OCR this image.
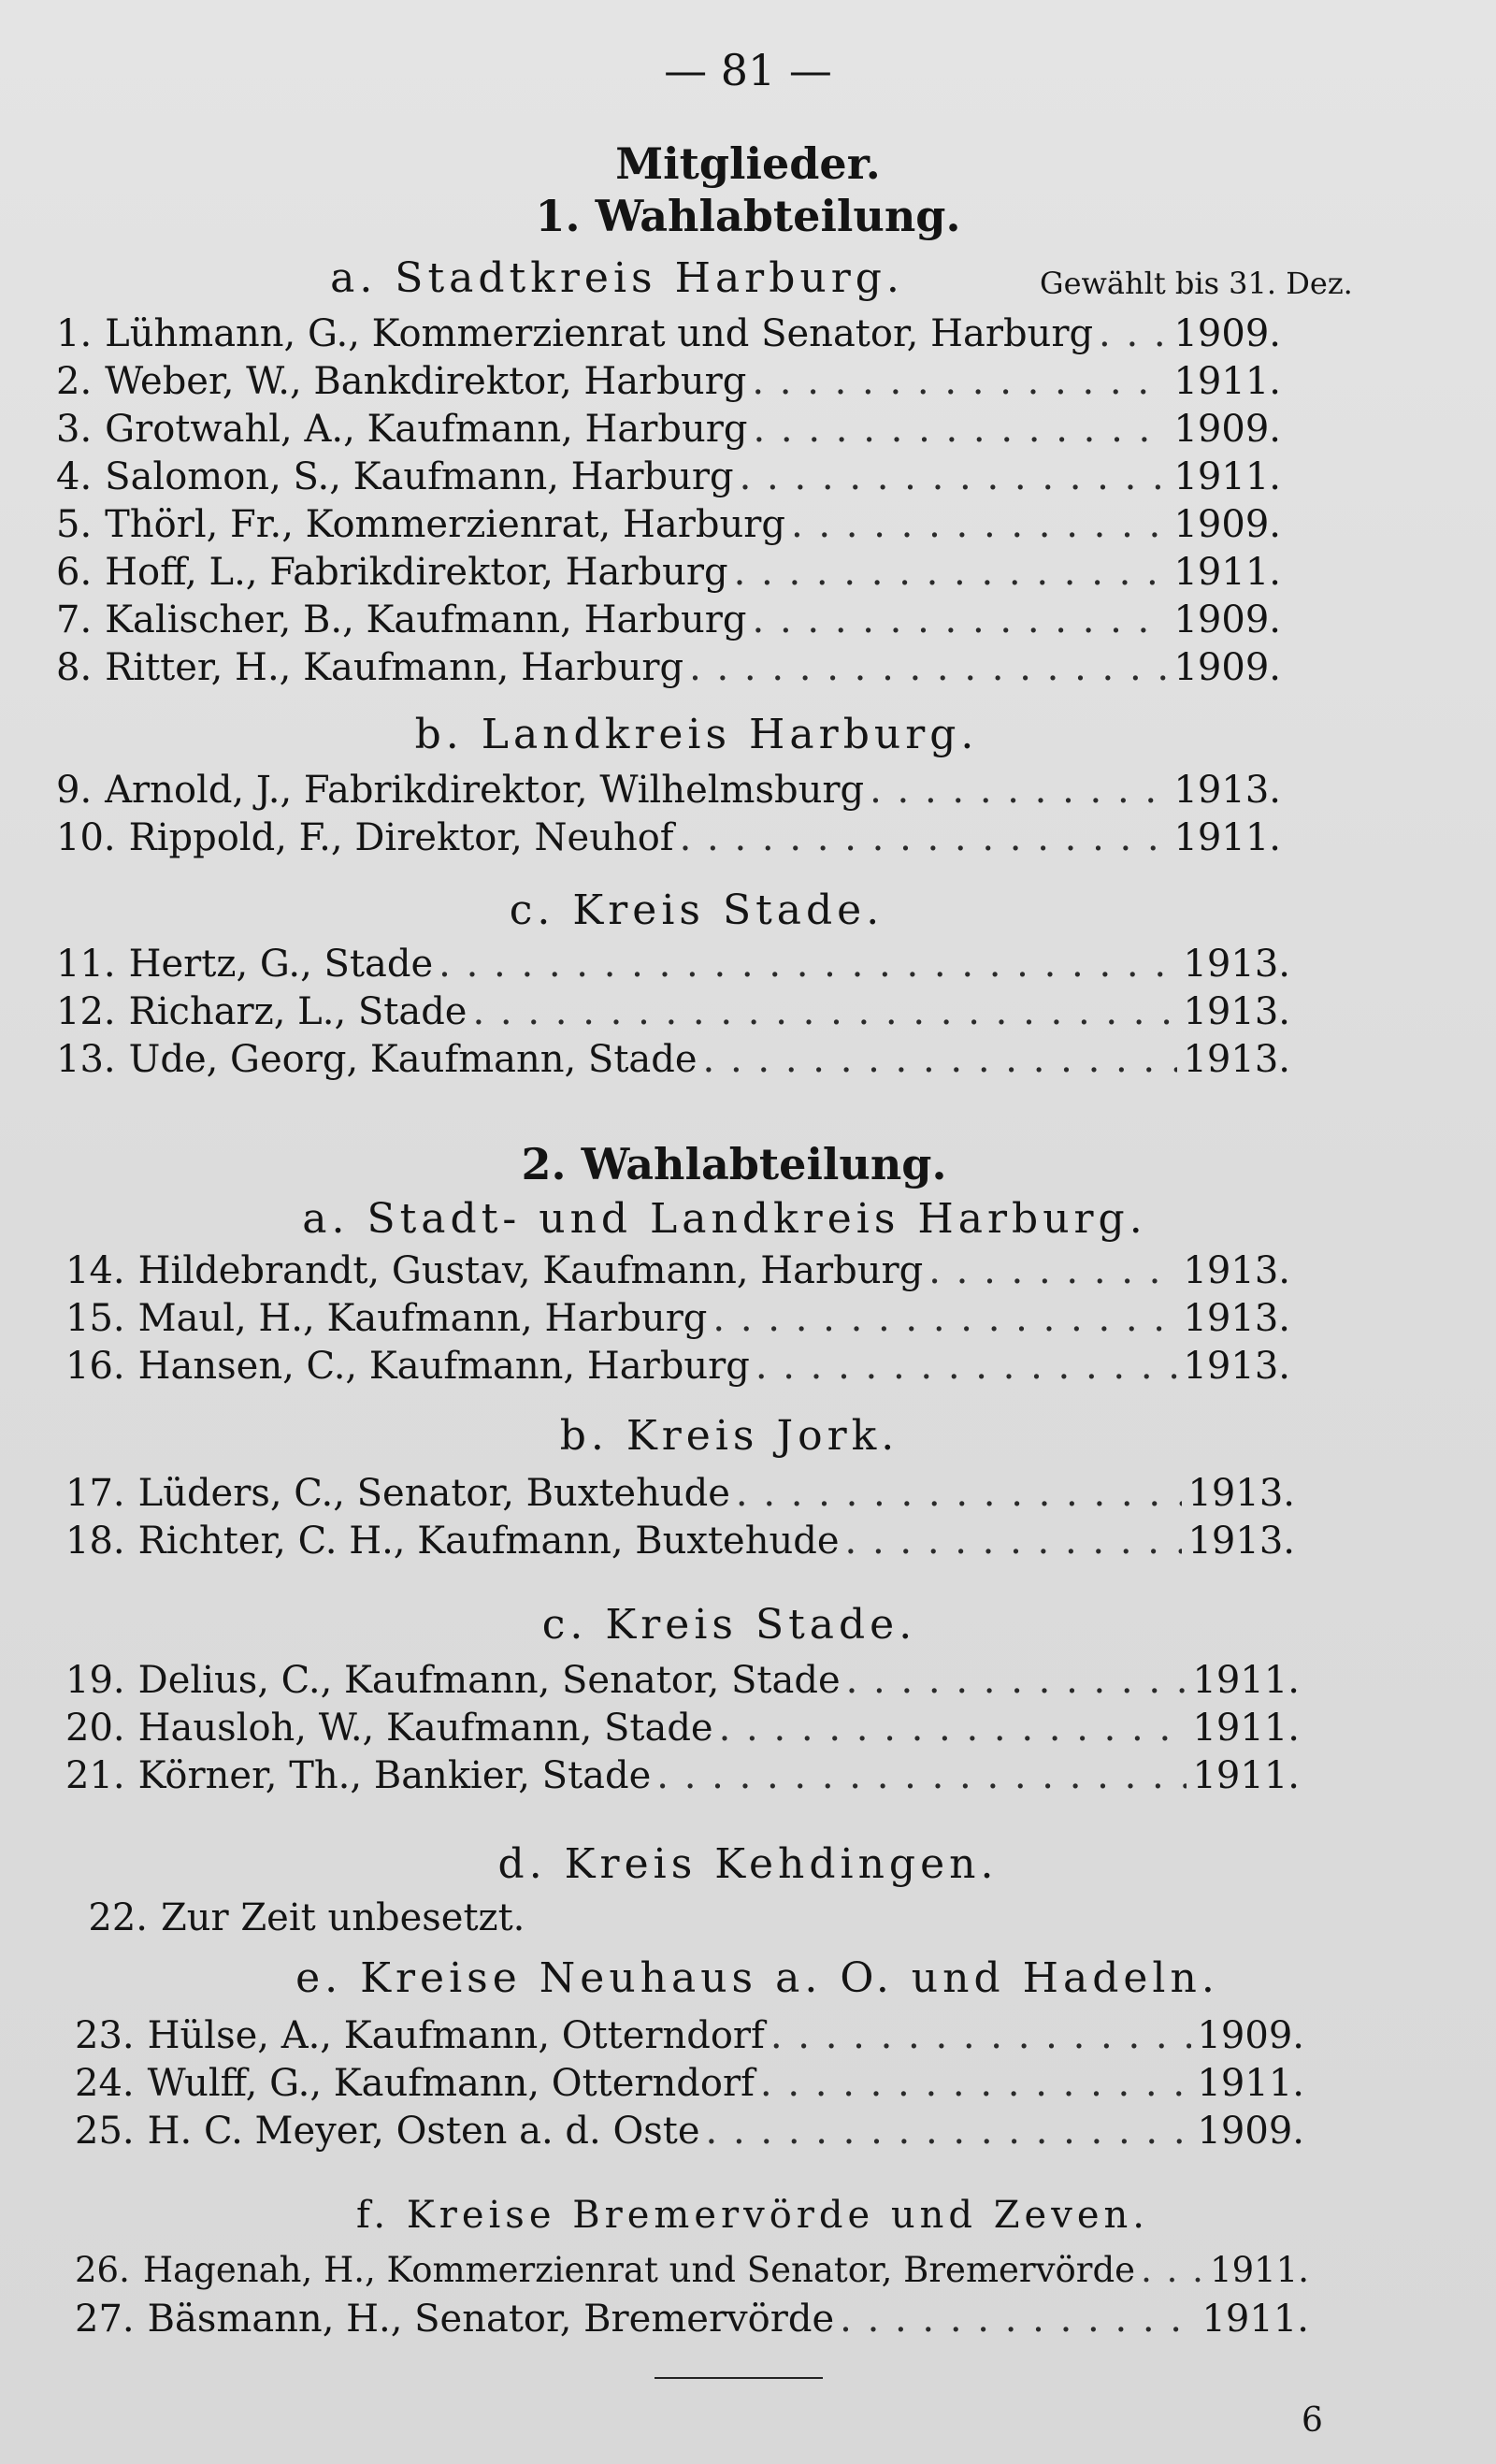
— 81 —
Mitglieder.
1. Wahlabteilung.
a. Stadtkreis Harburg.	Gewählt bis 31. Dez.
1. Lühmann, G., Kommerzienrat und Senator, Harburg . . . 1909.
2. Weber, W., Bankdirektor, Harburg . . .	1911.
3. Grotwahl, A., Kaufmann, Harburg . . .	1909.
4. Salomon, S., Kaufmann, Harburg . . .	1911.
5. Thörl, Fr., Kommerzienrat, Harburg . . .	1909.
6. Hoff, L., Fabrikdirektor, Harburg . . .	1911.
7. Kalischer, B., Kaufmann, Harburg . . .	1909.
8. Ritter, H., Kaufmann, Harburg . . .	1909.
b. Landkreis Harburg.
9. Arnold, J., Fabrikdirektor, Wilhelmsburg . . .	1913.
10. Rippold, F., Direktor, Neuhof . . .	1911.
c. Kreis Stade.
11. Hertz, G., Stade . . .	1913.
12. Richarz, L., Stade . . .	1913.
13. Ude, Georg, Kaufmann, Stade . . .	1913.
2. Wahlabteilung.
a. Stadt- und Landkreis Harburg.
14. Hildebrandt, Gustav, Kaufmann, Harburg . . .	1913.
15. Maul, H., Kaufmann, Harburg . . .	1913.
16. Hansen, C., Kaufmann, Harburg . . .	1913.
b. Kreis Jork.
17. Lüders, C., Senator, Buxtehude . . .	1913.
18. Richter, C. H., Kaufmann, Buxtehude . . .	1913.
c. Kreis Stade.
19. Delius, C., Kaufmann, Senator, Stade . . .	1911.
20. Hausloh, W., Kaufmann, Stade . . .	1911.
21. Körner, Th., Bankier, Stade . . .	1911.
d. Kreis Kehdingen.
22. Zur Zeit unbesetzt.
e. Kreise Neuhaus a. O. und Hadeln.
23. Hülse, A., Kaufmann, Otterndorf . . .	1909.
24. Wulff, G., Kaufmann, Otterndorf . . .	1911.
25. H. C. Meyer, Osten a. d. Oste . . .	1909.
f. Kreise Bremervörde und Zeven.
26. Hagenah, H., Kommerzienrat und Senator, Bremervörde . . . 1911.
27. Bäsmann, H., Senator, Bremervörde . . .	1911.
6
